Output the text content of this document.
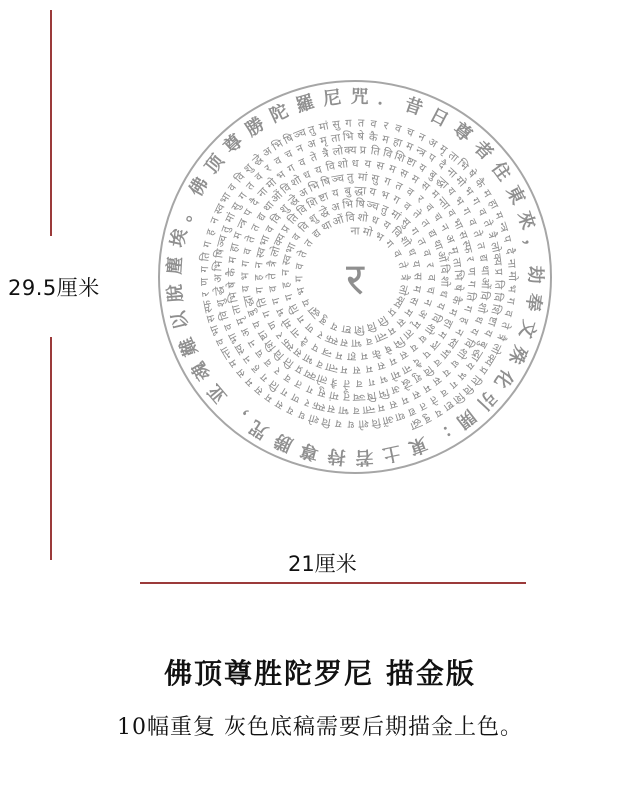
29.5厘米
佛
顶
尊
勝
陀 羅 尼 咒 ． 昔 日
尊
者
住
東
來
，
劫
奉
文
殊
化
引
開
：
東
土
若
持
尊
勝
咒
，
亚
魂
難
以
脫
塵
埃
。
ना मो
भ
ग
व
ते
त्रै
लो
क्य
प्र
ति
वि
शि
ष्टा
य
बु
द्धा
य
भ
ग
व
ते
त
द्य
था
ओं वि शो ध य
वि
शो
ध
य
स
म
स
म
स
म
न्ता
व
भा
स
स्फ
र
ण
ग
ति
ग
ह
न
स्व
भा
व
वि
शु
द्धे अ भि षि ञ्च
तु
मां
सु
ग
त
व
र
व
च
न
अ
मृ
ता
भि
षे
कै
म
हा
म
न्त्र
प
दै
ना
मो
भ
ग
व
ते
त्रै
लो
क्य
प्र
ति
वि
शि
ष्टा य बु द्धा य भ ग
व
ते
त
द्य
था
ओं
वि
शो
ध
य
वि
शो
ध
य
स
म
स
म
स
म
न्ता
व
भा
स
स्फ
र
ण
ग
ति
ग
ह
न
स्व
भा
व
वि
शु
द्धे
अ
भि
षि
ञ्च तु मां सु ग त व
र
व
च
न
अ
मृ
ता
भि
षे
कै
म
हा
म
न्त्र
प
दै
ना
मो
भ
ग
व
ते
त्रै
लो
क्य
प्र
ति
वि
शि
ष्टा
य
बु
द्धा
य
भ
ग
व
ते
त
द्य
था
ओं
वि
शो
ध य वि शो ध य स म स
म
स
म
न्ता
व
भा
स
स्फ
र
ण
ग
ति
ग
ह
न
स्व
भा
व
वि
शु
द्धे
अ
भि
षि
ञ्च
तु
मां
सु
ग
त
व
र
व
च
न
अ
मृ
ता
भि
षे
कै
म
हा
म
न्त्र
प
दै
ना
मो
भ
ग व ते त्रै लो क्य प्र ति वि
शि
ष्टा
य
बु
द्धा
य
भ
ग
व
ते
त
द्य
था
ओं
वि
शो
ध
य
वि
शो
ध
य
स
म
स
म
स
म
न्ता
व
भा
स
स्फ
र
ण
ग
ति
ग
ह
न
स्व
भा
व
वि
शु
द्धे
अ
भि
षि
ञ्च
तु
मां
सु
ग
त
व
र
व
च न अ मृ ता भि षे कै म हा म
न्त्र
प
दै
ना
मो
भ
ग
व
ते
त्रै
लो
क्य
प्र
ति
वि
शि
ष्टा
य
बु
द्धा
य
भ
ग
व
ते
त
द्य
था
ओं
वि
शो
ध
य
वि
शो
ध
य
स
म
स
म
स
म
न्ता
व
भा
स
स्फ
र
ण
ग
ति
ग
ह
न
स्व
भा
व
वि
शु
द्धे
अ
भि
षि
ञ्च
तु मां सु ग त व र व च न
अ
मृ
ता
भि
षे
कै
म
हा
म
न्त्र
प
दै
ना
मो
भ
ग
व
ते
त्रै
लो
क्य
प्र
ति
वि
शि
ष्टा
य
बु
द्धा
र
21厘米
佛顶尊胜陀罗尼 描金版
10幅重复 灰色底稿需要后期描金上色。
